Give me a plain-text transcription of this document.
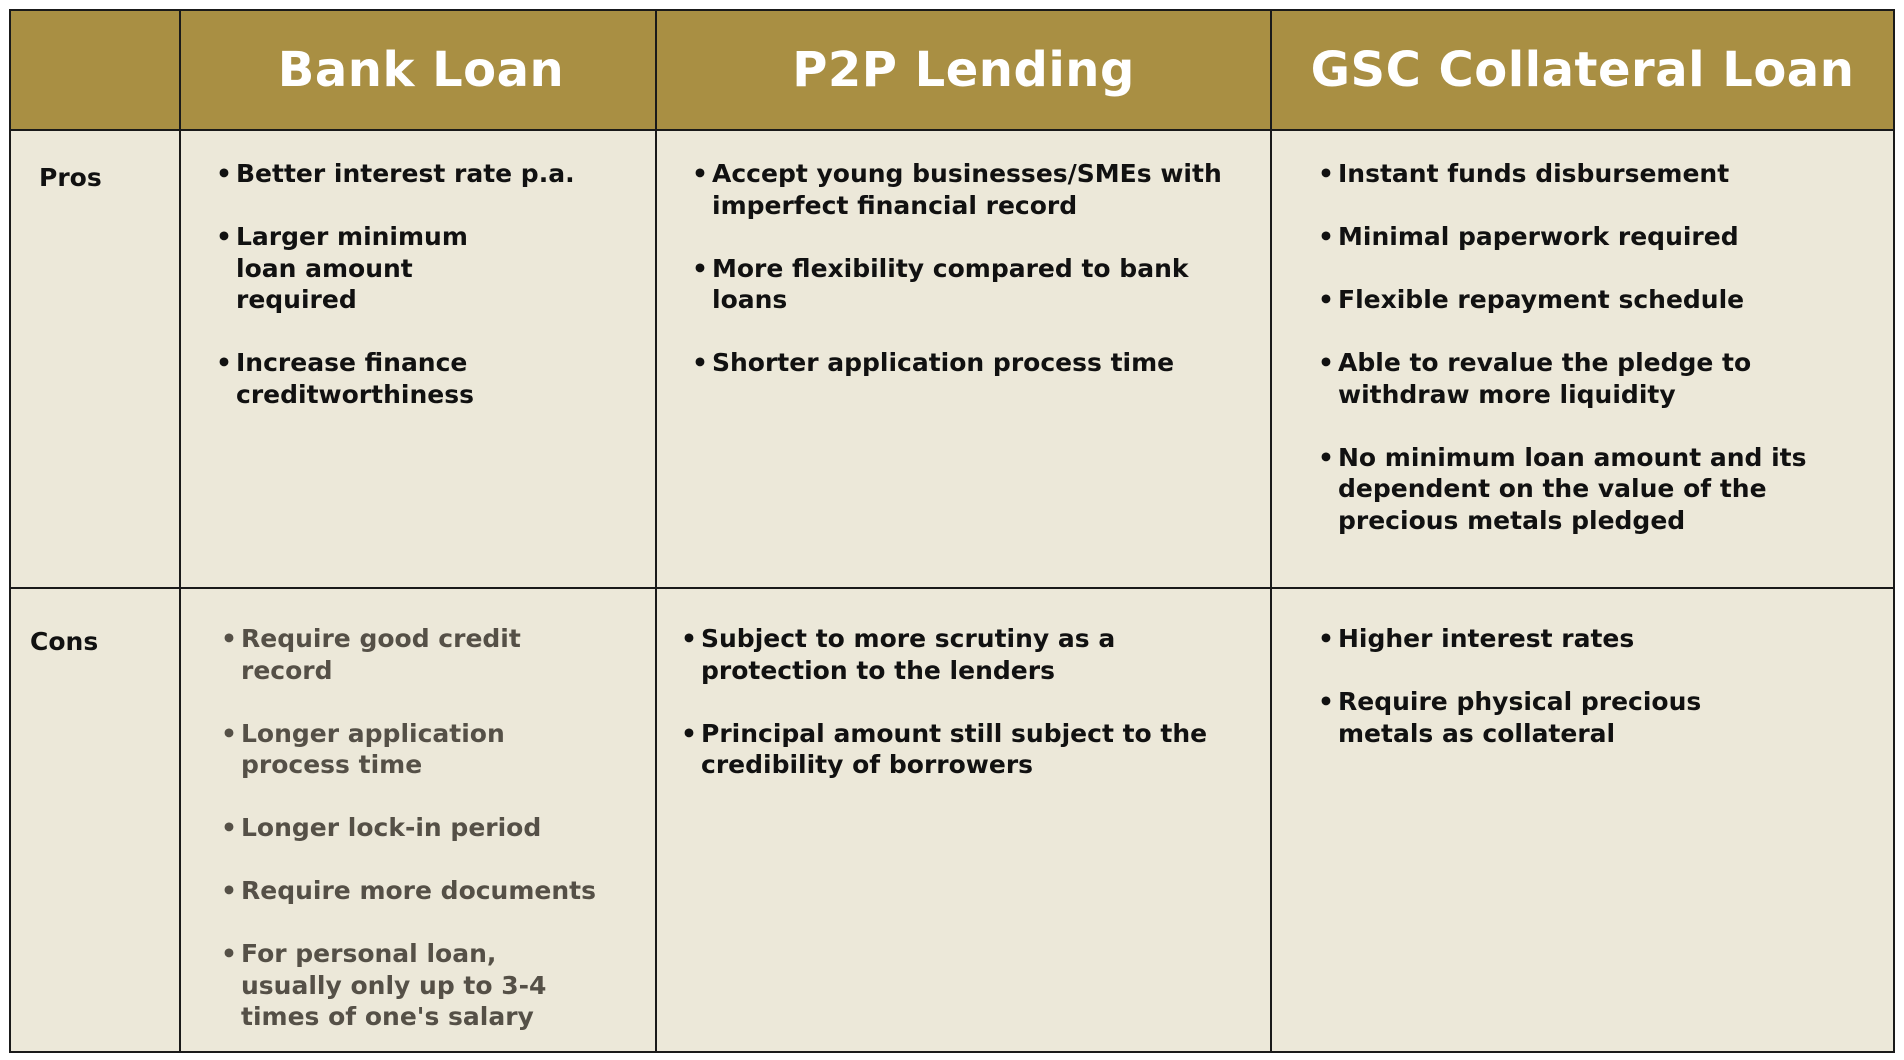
Bank Loan	P2P Lending	GSC Collateral Loan
Pros
Cons
• Better interest rate p.a.
• Larger minimum loan amount required
• Increase finance creditworthiness
• Accept young businesses/SMEs with imperfect financial record
• More flexibility compared to bank loans
• Shorter application process time
• Instant funds disbursement
• Minimal paperwork required
• Flexible repayment schedule
• Able to revalue the pledge to withdraw more liquidity
• No minimum loan amount and its dependent on the value of the precious metals pledged
• Require good credit record
• Longer application process time
• Longer lock-in period
• Require more documents
• For personal loan, usually only up to 3-4 times of one's salary
• Subject to more scrutiny as a protection to the lenders
• Principal amount still subject to the credibility of borrowers
• Higher interest rates
• Require physical precious metals as collateral
